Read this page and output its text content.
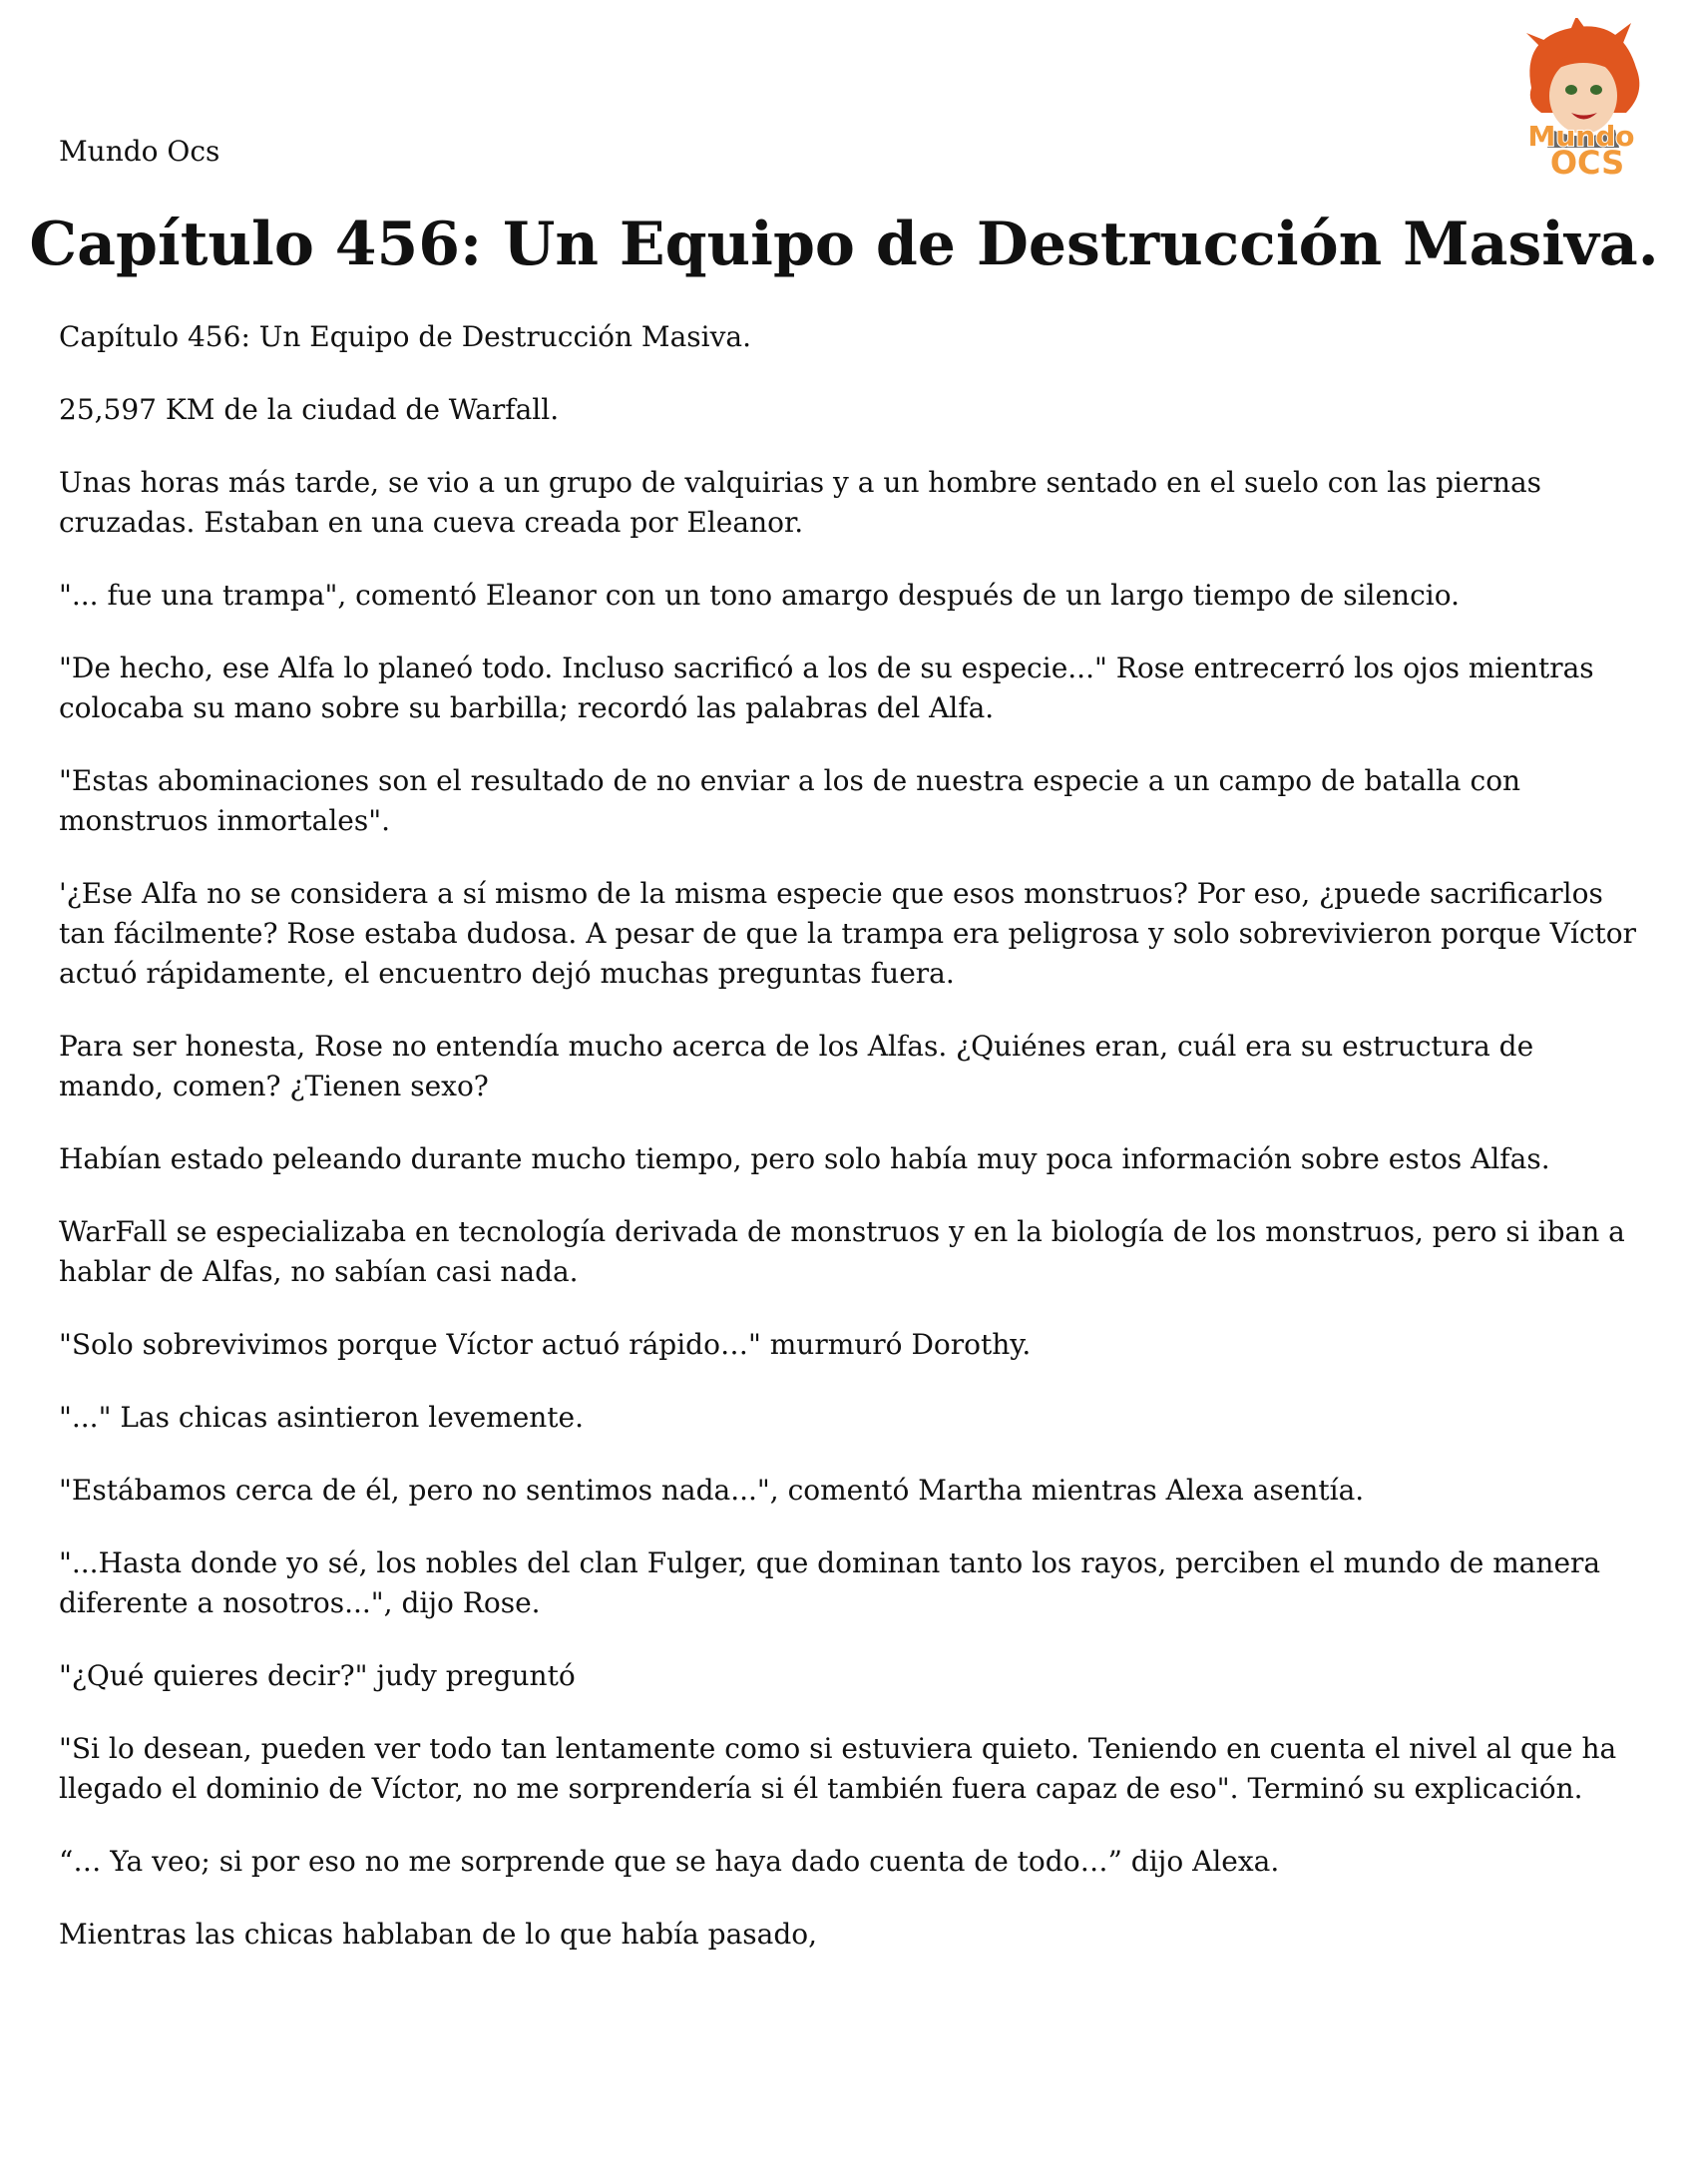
Mundo Ocs	Mundo
OCS
Capítulo 456: Un Equipo de Destrucción Masiva.

Capítulo 456: Un Equipo de Destrucción Masiva.

25,597 KM de la ciudad de Warfall.

Unas horas más tarde, se vio a un grupo de valquirias y a un hombre sentado en el suelo con las piernas cruzadas. Estaban en una cueva creada por Eleanor.

"... fue una trampa", comentó Eleanor con un tono amargo después de un largo tiempo de silencio.

"De hecho, ese Alfa lo planeó todo. Incluso sacrificó a los de su especie..." Rose entrecerró los ojos mientras colocaba su mano sobre su barbilla; recordó las palabras del Alfa.

"Estas abominaciones son el resultado de no enviar a los de nuestra especie a un campo de batalla con monstruos inmortales".

'¿Ese Alfa no se considera a sí mismo de la misma especie que esos monstruos? Por eso, ¿puede sacrificarlos tan fácilmente? Rose estaba dudosa. A pesar de que la trampa era peligrosa y solo sobrevivieron porque Víctor actuó rápidamente, el encuentro dejó muchas preguntas fuera.

Para ser honesta, Rose no entendía mucho acerca de los Alfas. ¿Quiénes eran, cuál era su estructura de mando, comen? ¿Tienen sexo?

Habían estado peleando durante mucho tiempo, pero solo había muy poca información sobre estos Alfas.

WarFall se especializaba en tecnología derivada de monstruos y en la biología de los monstruos, pero si iban a hablar de Alfas, no sabían casi nada.

"Solo sobrevivimos porque Víctor actuó rápido…" murmuró Dorothy.

"..." Las chicas asintieron levemente.

"Estábamos cerca de él, pero no sentimos nada...", comentó Martha mientras Alexa asentía.

"...Hasta donde yo sé, los nobles del clan Fulger, que dominan tanto los rayos, perciben el mundo de manera diferente a nosotros...", dijo Rose.

"¿Qué quieres decir?" judy preguntó

"Si lo desean, pueden ver todo tan lentamente como si estuviera quieto. Teniendo en cuenta el nivel al que ha llegado el dominio de Víctor, no me sorprendería si él también fuera capaz de eso". Terminó su explicación.

“… Ya veo; si por eso no me sorprende que se haya dado cuenta de todo…” dijo Alexa.

Mientras las chicas hablaban de lo que había pasado,
